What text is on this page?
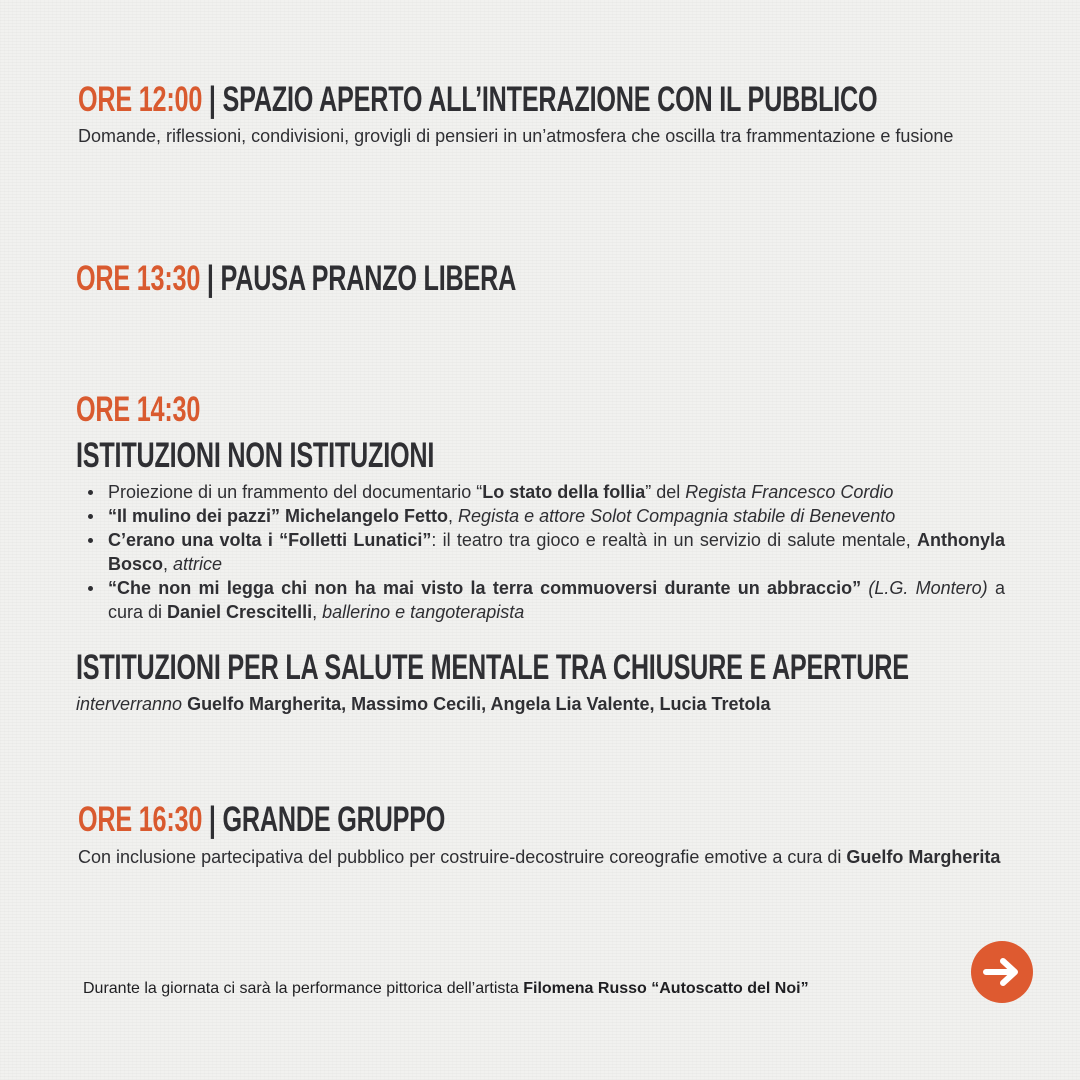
ORE 12:00 | SPAZIO APERTO ALL’INTERAZIONE CON IL PUBBLICO
Domande, riflessioni, condivisioni, grovigli di pensieri in un’atmosfera che oscilla tra frammentazione e fusione
ORE 13:30 | PAUSA PRANZO LIBERA
ORE 14:30
ISTITUZIONI NON ISTITUZIONI
Proiezione di un frammento del documentario “Lo stato della follia” del Regista Francesco Cordio
“Il mulino dei pazzi” Michelangelo Fetto, Regista e attore Solot Compagnia stabile di Benevento
C’erano una volta i “Folletti Lunatici”: il teatro tra gioco e realtà in un servizio di salute mentale, Anthonyla Bosco, attrice
“Che non mi legga chi non ha mai visto la terra commuoversi durante un abbraccio” (L.G. Montero) a cura di Daniel Crescitelli, ballerino e tangoterapista
ISTITUZIONI PER LA SALUTE MENTALE TRA CHIUSURE E APERTURE
interverranno Guelfo Margherita, Massimo Cecili, Angela Lia Valente, Lucia Tretola
ORE 16:30 | GRANDE GRUPPO
Con inclusione partecipativa del pubblico per costruire-decostruire coreografie emotive a cura di Guelfo Margherita
Durante la giornata ci sarà la performance pittorica dell’artista Filomena Russo “Autoscatto del Noi”
